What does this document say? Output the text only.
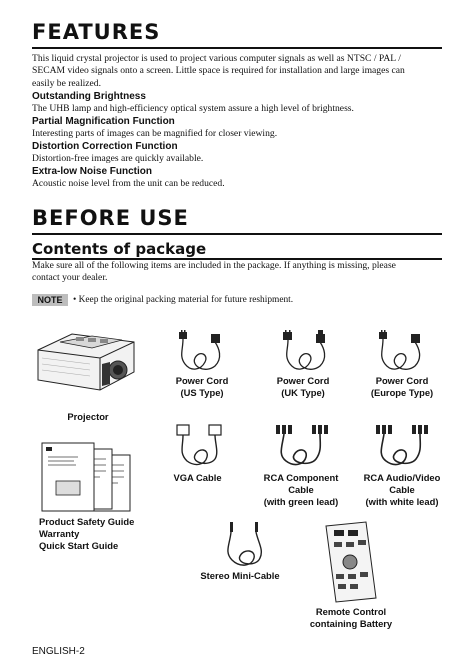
FEATURES
This liquid crystal projector is used to project various computer signals as well as NTSC / PAL /
SECAM video signals onto a screen. Little space is required for installation and large images can
easily be realized.
Outstanding Brightness
The UHB lamp and high-efficiency optical system assure a high level of brightness.
Partial Magnification Function
Interesting parts of images can be magnified for closer viewing.
Distortion Correction Function
Distortion-free images are quickly available.
Extra-low Noise Function
Acoustic noise level from the unit can be reduced.
BEFORE USE
Contents of package
Make sure all of the following items are included in the package. If anything is missing, please
contact your dealer.
NOTE	• Keep the original packing material for future reshipment.
Projector
Power Cord
(US Type)
Power Cord
(UK Type)
Power Cord
(Europe Type)
VGA Cable	RCA Component
Cable
(with green lead)
RCA Audio/Video
Cable
(with white lead)
Product Safety Guide
Warranty
Quick Start Guide
Stereo Mini-Cable
Remote Control
containing Battery
ENGLISH-2
